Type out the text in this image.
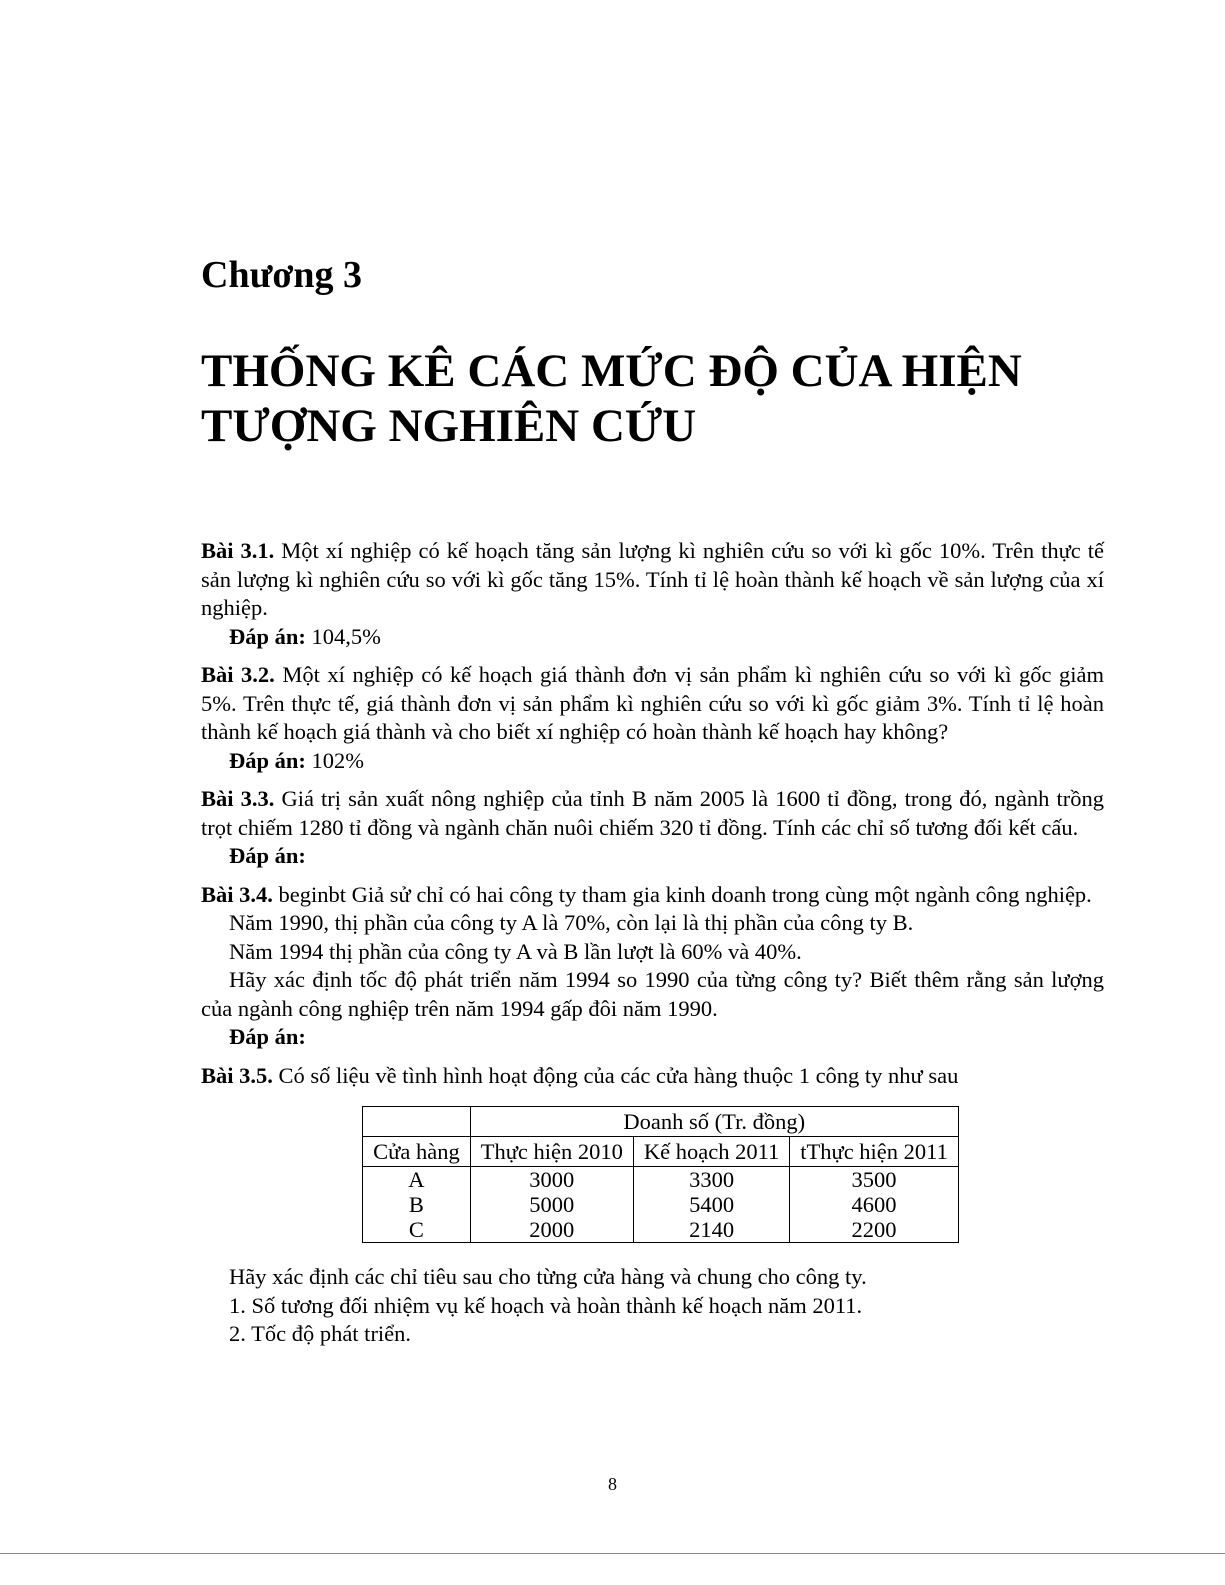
Chương 3
THỐNG KÊ CÁC MỨC ĐỘ CỦA HIỆN
TƯỢNG NGHIÊN CỨU

Bài 3.1. Một xí nghiệp có kế hoạch tăng sản lượng kì nghiên cứu so với kì gốc 10%. Trên thực tế sản lượng kì nghiên cứu so với kì gốc tăng 15%. Tính tỉ lệ hoàn thành kế hoạch về sản lượng của xí nghiệp.

Đáp án: 104,5%

Bài 3.2. Một xí nghiệp có kế hoạch giá thành đơn vị sản phẩm kì nghiên cứu so với kì gốc giảm 5%. Trên thực tế, giá thành đơn vị sản phẩm kì nghiên cứu so với kì gốc giảm 3%. Tính tỉ lệ hoàn thành kế hoạch giá thành và cho biết xí nghiệp có hoàn thành kế hoạch hay không?

Đáp án: 102%

Bài 3.3. Giá trị sản xuất nông nghiệp của tỉnh B năm 2005 là 1600 tỉ đồng, trong đó, ngành trồng trọt chiếm 1280 tỉ đồng và ngành chăn nuôi chiếm 320 tỉ đồng. Tính các chỉ số tương đối kết cấu.

Đáp án:

Bài 3.4. beginbt Giả sử chỉ có hai công ty tham gia kinh doanh trong cùng một ngành công nghiệp.

Năm 1990, thị phần của công ty A là 70%, còn lại là thị phần của công ty B.

Năm 1994 thị phần của công ty A và B lần lượt là 60% và 40%.

Hãy xác định tốc độ phát triển năm 1994 so 1990 của từng công ty? Biết thêm rằng sản lượng của ngành công nghiệp trên năm 1994 gấp đôi năm 1990.

Đáp án:

Bài 3.5. Có số liệu về tình hình hoạt động của các cửa hàng thuộc 1 công ty như sau

	Doanh số (Tr. đồng)		
Cửa hàng	Thực hiện 2010	Kế hoạch 2011	tThực hiện 2011
A	3000	3300	3500
B	5000	5400	4600
C	2000	2140	2200

Hãy xác định các chỉ tiêu sau cho từng cửa hàng và chung cho công ty.

1. Số tương đối nhiệm vụ kế hoạch và hoàn thành kế hoạch năm 2011.

2. Tốc độ phát triển.

8
